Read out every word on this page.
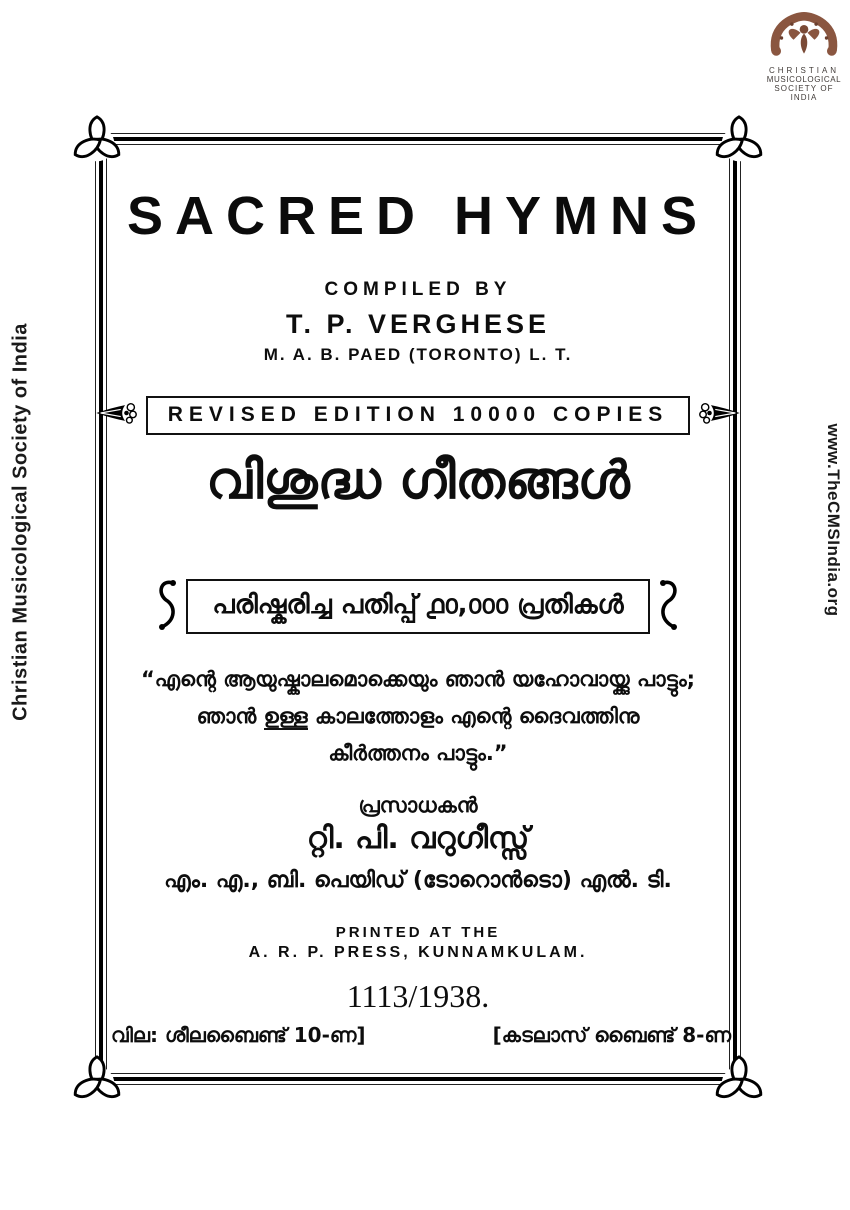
Christian Musicological Society of India	www.TheCMSIndia.org
CHRISTIAN
MUSICOLOGICAL
SOCIETY OF INDIA
SACRED HYMNS
COMPILED BY
T. P. VERGHESE
M. A. B. PAED (TORONTO) L. T.
REVISED EDITION 10000 COPIES
വിശുദ്ധ ഗീതങ്ങൾ
പരിഷ്കരിച്ച പതിപ്പ് ൧൦,൦൦൦ പ്രതികൾ
“എന്റെ ആയുഷ്കാലമൊക്കെയും ഞാൻ യഹോവായ്ക്കു പാട്ടും;
ഞാൻ ഉള്ള കാലത്തോളം എന്റെ ദൈവത്തിനു
കീർത്തനം പാട്ടും.”
പ്രസാധകൻ
റ്റി. പി. വറുഗീസ്സ്
എം. എ., ബി. പെയിഡ് (ടോറൊൻടൊ) എൽ. ടി.
PRINTED AT THE
A. R. P. PRESS, KUNNAMKULAM.
1113/1938.
വില: ശീലബൈണ്ട് 10-ണ]	[കടലാസ് ബൈണ്ട് 8-ണ
